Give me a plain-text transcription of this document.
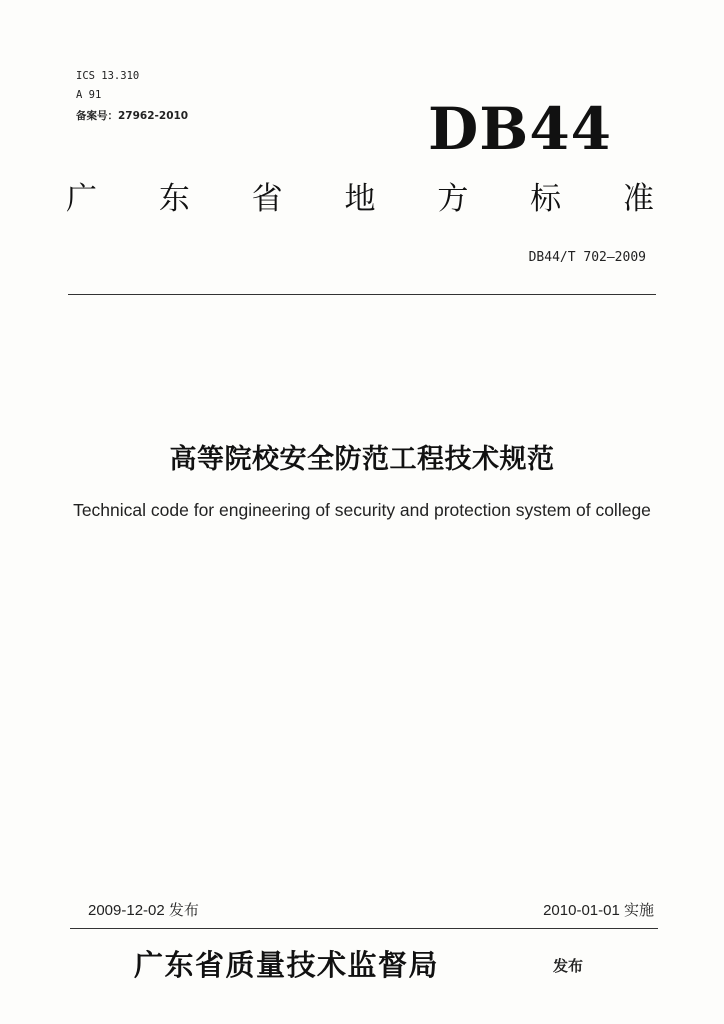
ICS 13.310
A 91
备案号：27962-2010	DB44
广 东 省 地 方 标 准
DB44/T 702—2009
高等院校安全防范工程技术规范
Technical code for engineering of security and protection system of college
2009-12-02 发布	2010-01-01 实施
广东省质量技术监督局	发布
